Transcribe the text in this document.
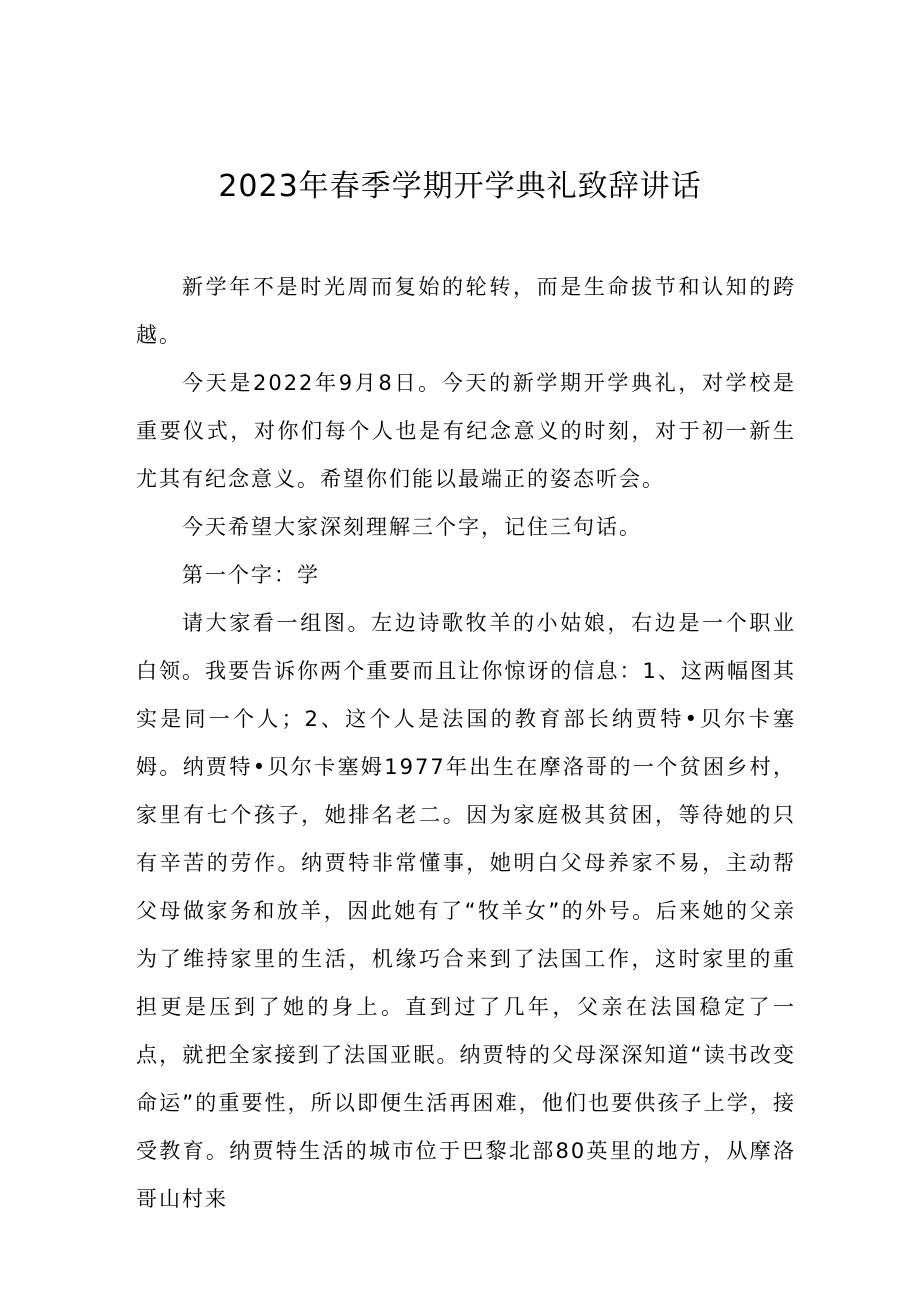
2023年春季学期开学典礼致辞讲话

新学年不是时光周而复始的轮转，而是生命拔节和认知的跨越。

今天是2022年9月8日。今天的新学期开学典礼，对学校是重要仪式，对你们每个人也是有纪念意义的时刻，对于初一新生尤其有纪念意义。希望你们能以最端正的姿态听会。

今天希望大家深刻理解三个字，记住三句话。

第一个字：学

请大家看一组图。左边诗歌牧羊的小姑娘，右边是一个职业白领。我要告诉你两个重要而且让你惊讶的信息：1、这两幅图其实是同一个人；2、这个人是法国的教育部长纳贾特•贝尔卡塞姆。纳贾特•贝尔卡塞姆1977年出生在摩洛哥的一个贫困乡村，家里有七个孩子，她排名老二。因为家庭极其贫困，等待她的只有辛苦的劳作。纳贾特非常懂事，她明白父母养家不易，主动帮父母做家务和放羊，因此她有了“牧羊女”的外号。后来她的父亲为了维持家里的生活，机缘巧合来到了法国工作，这时家里的重担更是压到了她的身上。直到过了几年，父亲在法国稳定了一点，就把全家接到了法国亚眠。纳贾特的父母深深知道“读书改变命运”的重要性，所以即便生活再困难，他们也要供孩子上学，接受教育。纳贾特生活的城市位于巴黎北部80英里的地方，从摩洛哥山村来
